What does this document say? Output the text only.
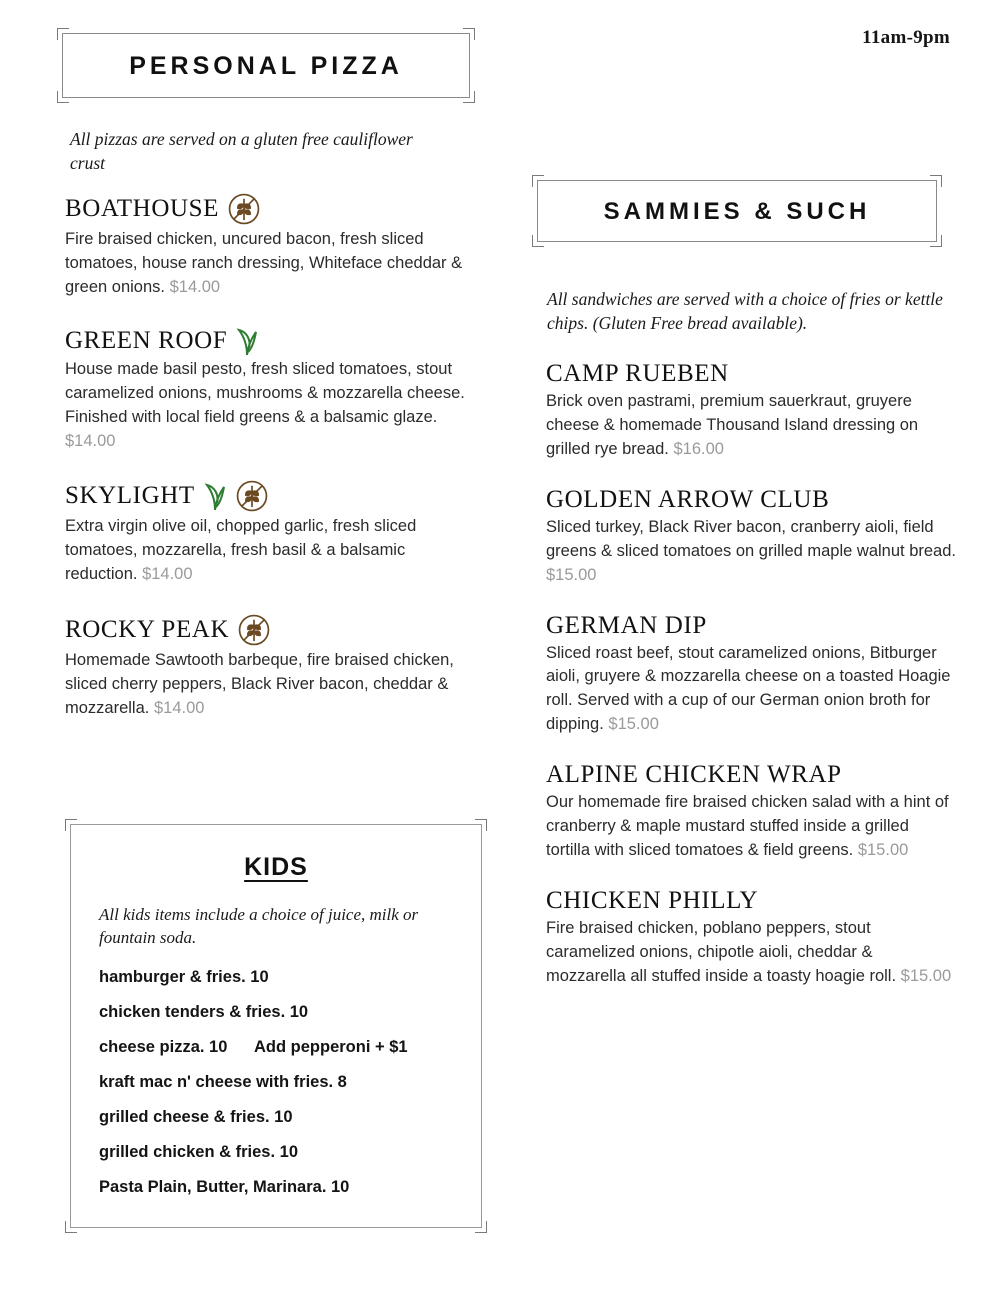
11am-9pm
PERSONAL PIZZA
All pizzas are served on a gluten free cauliflower crust
BOATHOUSE
Fire braised chicken, uncured bacon, fresh sliced tomatoes, house ranch dressing, Whiteface cheddar & green onions. $14.00
GREEN ROOF
House made basil pesto, fresh sliced tomatoes, stout caramelized onions, mushrooms & mozzarella cheese. Finished with local field greens & a balsamic glaze. $14.00
SKYLIGHT
Extra virgin olive oil, chopped garlic, fresh sliced tomatoes, mozzarella, fresh basil & a balsamic reduction. $14.00
ROCKY PEAK
Homemade Sawtooth barbeque, fire braised chicken, sliced cherry peppers, Black River bacon, cheddar & mozzarella. $14.00
KIDS
All kids items include a choice of juice, milk or fountain soda.
hamburger & fries. 10
chicken tenders & fries. 10
cheese pizza. 10 Add pepperoni + $1
kraft mac n' cheese with fries. 8
grilled cheese & fries. 10
grilled chicken & fries. 10
Pasta Plain, Butter, Marinara. 10
SAMMIES & SUCH
All sandwiches are served with a choice of fries or kettle chips. (Gluten Free bread available).
CAMP RUEBEN
Brick oven pastrami, premium sauerkraut, gruyere cheese & homemade Thousand Island dressing on grilled rye bread. $16.00
GOLDEN ARROW CLUB
Sliced turkey, Black River bacon, cranberry aioli, field greens & sliced tomatoes on grilled maple walnut bread. $15.00
GERMAN DIP
Sliced roast beef, stout caramelized onions, Bitburger aioli, gruyere & mozzarella cheese on a toasted Hoagie roll. Served with a cup of our German onion broth for dipping. $15.00
ALPINE CHICKEN WRAP
Our homemade fire braised chicken salad with a hint of cranberry & maple mustard stuffed inside a grilled tortilla with sliced tomatoes & field greens. $15.00
CHICKEN PHILLY
Fire braised chicken, poblano peppers, stout caramelized onions, chipotle aioli, cheddar & mozzarella all stuffed inside a toasty hoagie roll. $15.00
